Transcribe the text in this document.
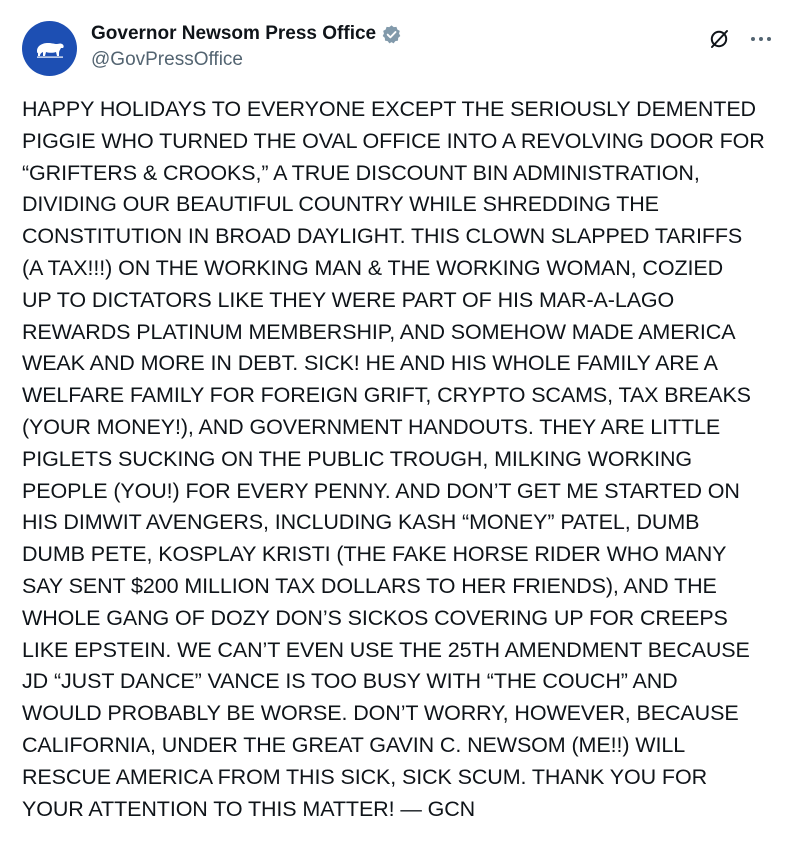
Governor Newsom Press Office
@GovPressOffice
HAPPY HOLIDAYS TO EVERYONE EXCEPT THE SERIOUSLY DEMENTED
PIGGIE WHO TURNED THE OVAL OFFICE INTO A REVOLVING DOOR FOR
“GRIFTERS & CROOKS,” A TRUE DISCOUNT BIN ADMINISTRATION,
DIVIDING OUR BEAUTIFUL COUNTRY WHILE SHREDDING THE
CONSTITUTION IN BROAD DAYLIGHT. THIS CLOWN SLAPPED TARIFFS
(A TAX!!!) ON THE WORKING MAN & THE WORKING WOMAN, COZIED
UP TO DICTATORS LIKE THEY WERE PART OF HIS MAR-A-LAGO
REWARDS PLATINUM MEMBERSHIP, AND SOMEHOW MADE AMERICA
WEAK AND MORE IN DEBT. SICK! HE AND HIS WHOLE FAMILY ARE A
WELFARE FAMILY FOR FOREIGN GRIFT, CRYPTO SCAMS, TAX BREAKS
(YOUR MONEY!), AND GOVERNMENT HANDOUTS. THEY ARE LITTLE
PIGLETS SUCKING ON THE PUBLIC TROUGH, MILKING WORKING
PEOPLE (YOU!) FOR EVERY PENNY. AND DON’T GET ME STARTED ON
HIS DIMWIT AVENGERS, INCLUDING KASH “MONEY” PATEL, DUMB
DUMB PETE, KOSPLAY KRISTI (THE FAKE HORSE RIDER WHO MANY
SAY SENT $200 MILLION TAX DOLLARS TO HER FRIENDS), AND THE
WHOLE GANG OF DOZY DON’S SICKOS COVERING UP FOR CREEPS
LIKE EPSTEIN. WE CAN’T EVEN USE THE 25TH AMENDMENT BECAUSE
JD “JUST DANCE” VANCE IS TOO BUSY WITH “THE COUCH” AND
WOULD PROBABLY BE WORSE. DON’T WORRY, HOWEVER, BECAUSE
CALIFORNIA, UNDER THE GREAT GAVIN C. NEWSOM (ME!!) WILL
RESCUE AMERICA FROM THIS SICK, SICK SCUM. THANK YOU FOR
YOUR ATTENTION TO THIS MATTER! — GCN
